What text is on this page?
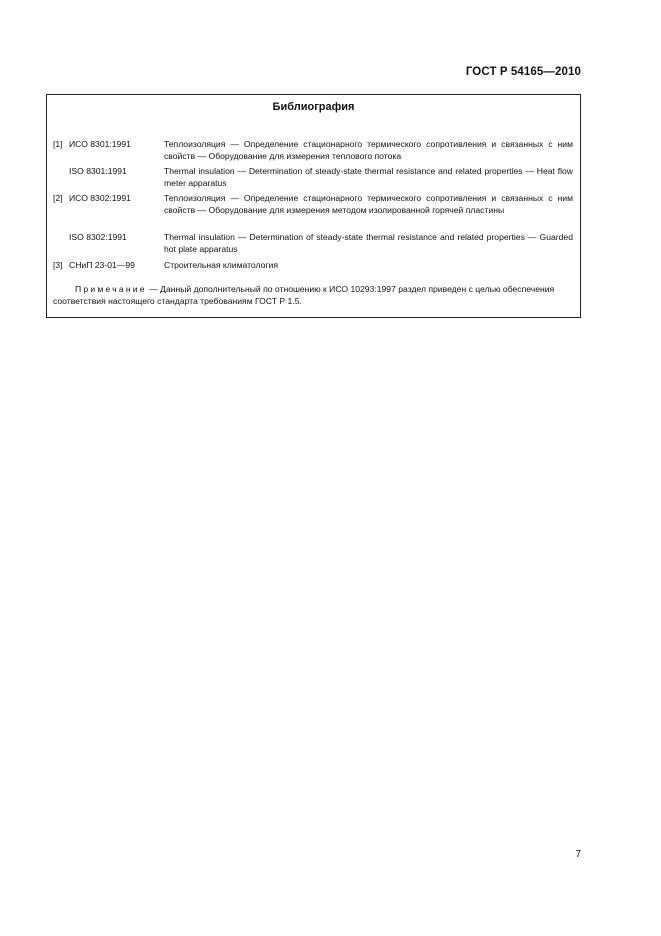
ГОСТ Р 54165—2010
Библиография
[1] ИСО 8301:1991	Теплоизоляция — Определение стационарного термического сопротивления и связанных с ним свойств — Оборудование для измерения теплового потока
ISO 8301:1991	Thermal insulation — Determination of steady-state thermal resistance and related properties — Heat flow meter apparatus
[2] ИСО 8302:1991	Теплоизоляция — Определение стационарного термического сопротивления и связанных с ним свойств — Оборудование для измерения методом изолированной горячей пластины
ISO 8302:1991	Thermal insulation — Determination of steady-state thermal resistance and related properties — Guarded hot plate apparatus
[3] СНиП 23-01—99	Строительная климатология
Примечание — Данный дополнительный по отношению к ИСО 10293:1997 раздел приведен с целью обеспечения соответствия настоящего стандарта требованиям ГОСТ Р 1.5.
7
